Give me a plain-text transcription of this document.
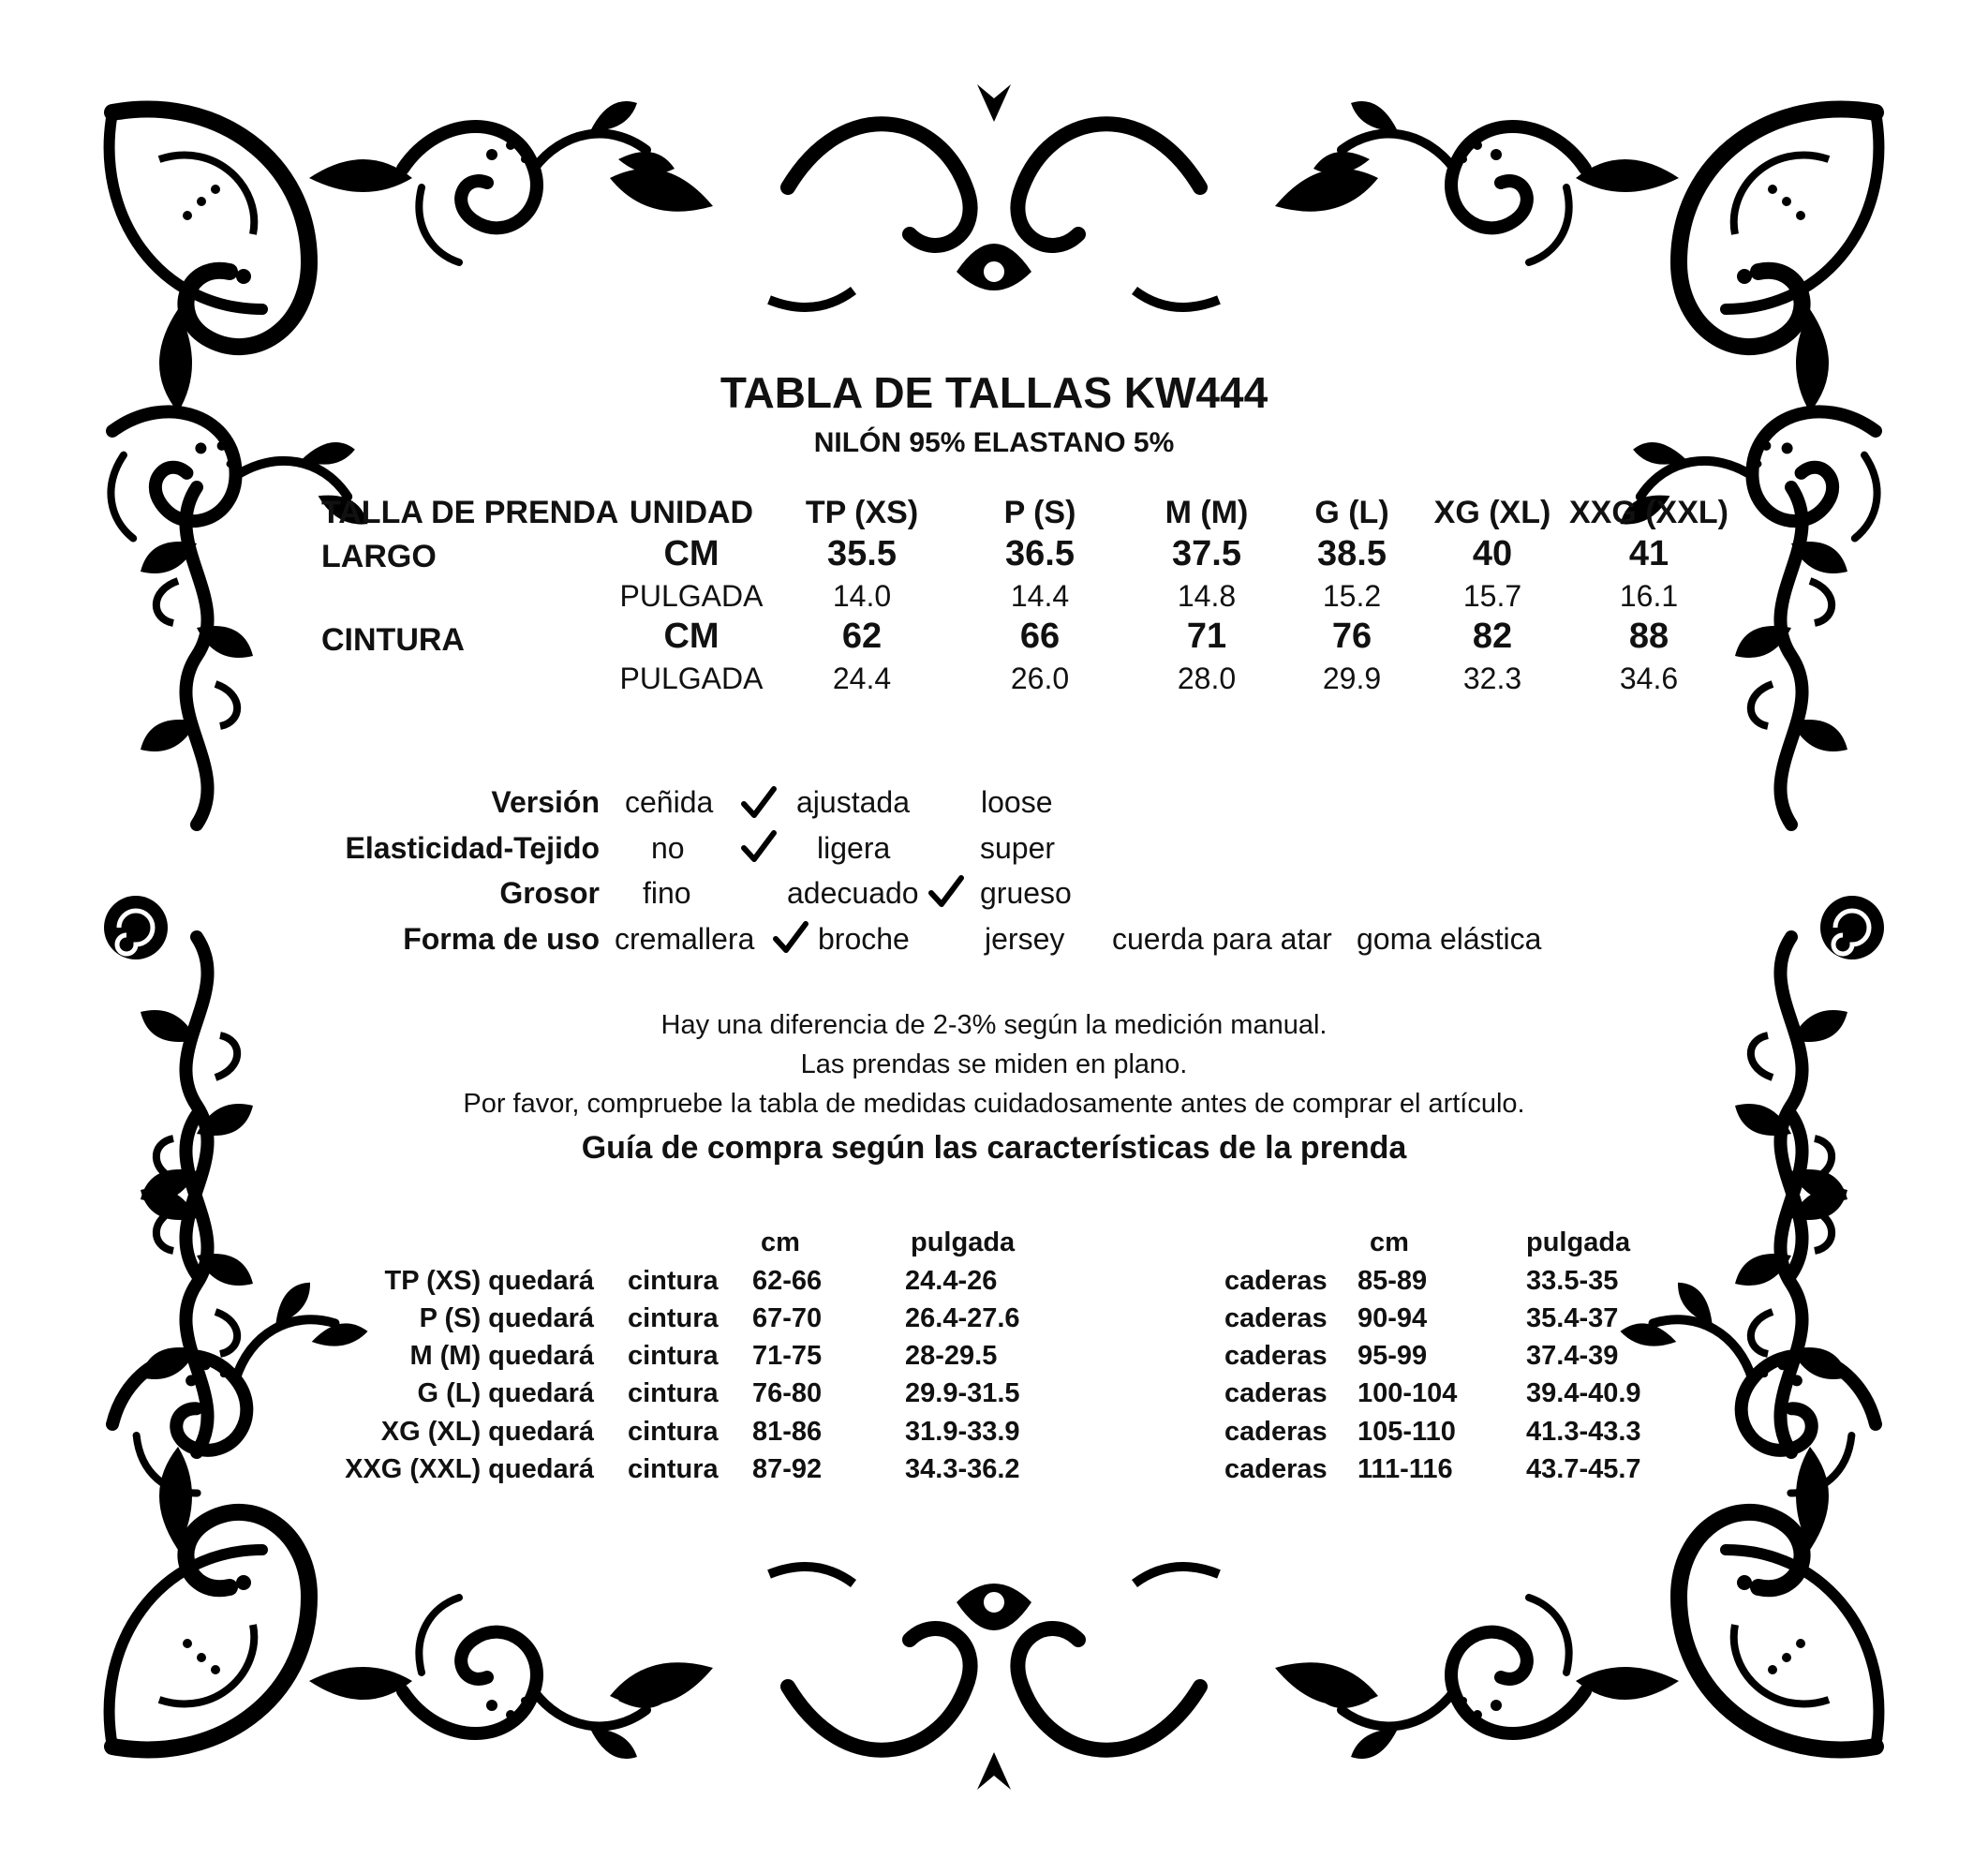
TABLA DE TALLAS KW444
NILÓN 95% ELASTANO 5%
TALLA DE PRENDA UNIDAD	TP (XS)	P (S)	M (M)	G (L)	XG (XL) XXG (XXL)
LARGO	CM	35.5	36.5	37.5	38.5	40	41
PULGADA	14.0	14.4	14.8	15.2	15.7	16.1
CINTURA	CM	62	66	71	76	82	88
PULGADA	24.4	26.0	28.0	29.9	32.3	34.6
Versión ceñida	ajustada loose
Elasticidad-Tejido no	ligera	super
Grosor fino	adecuado grueso
Forma de uso cremallera broche	jersey cuerda para atar goma elástica
Hay una diferencia de 2-3% según la medición manual.
Las prendas se miden en plano.
Por favor, compruebe la tabla de medidas cuidadosamente antes de comprar el artículo.
Guía de compra según las características de la prenda
cm	pulgada	cm	pulgada
TP (XS) quedará cintura 62-66	24.4-26	caderas 85-89	33.5-35
P (S) quedará cintura 67-70	26.4-27.6	caderas 90-94	35.4-37
M (M) quedará cintura 71-75	28-29.5	caderas 95-99	37.4-39
G (L) quedará cintura 76-80	29.9-31.5	caderas 100-104	39.4-40.9
XG (XL) quedará cintura 81-86	31.9-33.9	caderas 105-110	41.3-43.3
XXG (XXL) quedará cintura 87-92	34.3-36.2	caderas 111-116	43.7-45.7
